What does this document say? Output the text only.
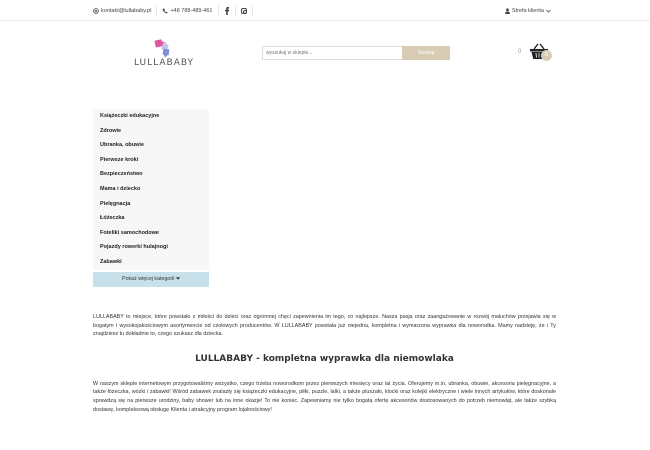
kontakt@lullababy.pl	+48 788-489-461	Strefa klienta
LULLABABY
wyszukaj w sklepie...
Szukaj	0	0
Książeczki edukacyjne
Zdrowie
Ubranka, obuwie
Pierwsze kroki
Bezpieczeństwo
Mama i dziecko
Pielęgnacja
Łóżeczka
Foteliki samochodowe
Pojazdy rowerki hulajnogi
Zabawki
Pokaż więcej kategorii

LULLABABY to miejsce, które powstało z miłości do dzieci oraz ogromnej chęci zapewnienia im tego, co najlepsze. Nasza pasja oraz zaangażowanie w rozwój maluchów przejawia się w bogatym i wysokojakościowym asortymencie od czołowych producentów. W LULLABABY powstała już niejedna, kompletna i wymarzona wyprawka dla noworodka. Mamy nadzieję, że i Ty znajdziesz tu dokładnie to, czego szukasz dla dziecka.

LULLABABY - kompletna wyprawka dla niemowlaka

W naszym sklepie internetowym przygotowaliśmy wszystko, czego trzeba noworodkom przez pierwszych miesięcy oraz lat życia. Oferujemy m.in. ubranka, obuwie, akcesoria pielęgnacyjne, a także łóżeczka, wózki i zabawki! Wśród zabawek znalazły się książeczki edukacyjne, piłki, puzzle, lalki, a także pluszaki, klocki oraz kolejki elektryczne i wiele innych artykułów, które doskonale sprawdzą się na pierwsze urodziny, baby shower lub na inne okazje! To nie koniec. Zapewniamy nie tylko bogatą ofertę akcesoriów dostosowanych do potrzeb niemowląt, ale także szybką dostawę, kompleksową obsługę Klienta i atrakcyjny program lojalnościowy!
